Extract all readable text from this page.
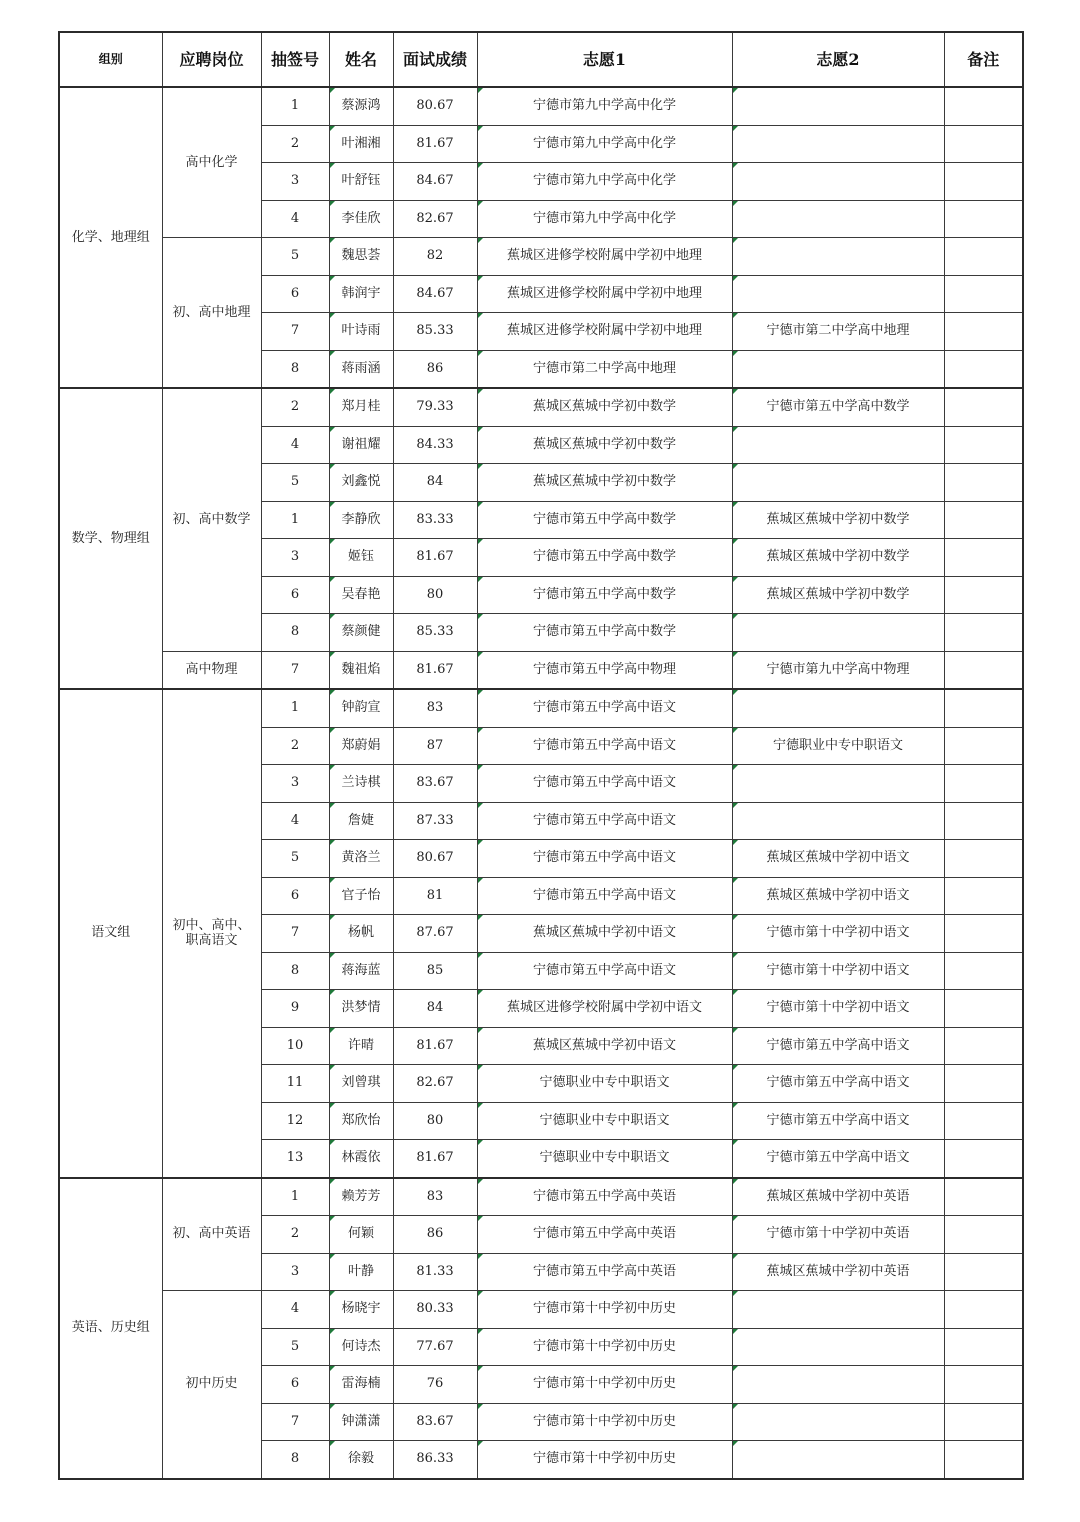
组别	应聘岗位	抽签号	姓名	面试成绩	志愿1	志愿2	备注
化学、地理组	高中化学	1	蔡源鸿	80.67	宁德市第九中学高中化学		
		2	叶湘湘	81.67	宁德市第九中学高中化学		
		3	叶舒钰	84.67	宁德市第九中学高中化学		
		4	李佳欣	82.67	宁德市第九中学高中化学		
	初、高中地理	5	魏思荟	82	蕉城区进修学校附属中学初中地理		
		6	韩润宇	84.67	蕉城区进修学校附属中学初中地理		
		7	叶诗雨	85.33	蕉城区进修学校附属中学初中地理	宁德市第二中学高中地理	
		8	蒋雨涵	86	宁德市第二中学高中地理		
数学、物理组	初、高中数学	2	郑月桂	79.33	蕉城区蕉城中学初中数学	宁德市第五中学高中数学	
		4	谢祖耀	84.33	蕉城区蕉城中学初中数学		
		5	刘鑫悦	84	蕉城区蕉城中学初中数学		
		1	李静欣	83.33	宁德市第五中学高中数学	蕉城区蕉城中学初中数学	
		3	姬钰	81.67	宁德市第五中学高中数学	蕉城区蕉城中学初中数学	
		6	吴春艳	80	宁德市第五中学高中数学	蕉城区蕉城中学初中数学	
		8	蔡颜健	85.33	宁德市第五中学高中数学		
	高中物理	7	魏祖焰	81.67	宁德市第五中学高中物理	宁德市第九中学高中物理	
语文组	初中、高中、职高语文	1	钟韵宣	83	宁德市第五中学高中语文		
		2	郑蔚娟	87	宁德市第五中学高中语文	宁德职业中专中职语文	
		3	兰诗棋	83.67	宁德市第五中学高中语文		
		4	詹婕	87.33	宁德市第五中学高中语文		
		5	黄洛兰	80.67	宁德市第五中学高中语文	蕉城区蕉城中学初中语文	
		6	官子怡	81	宁德市第五中学高中语文	蕉城区蕉城中学初中语文	
		7	杨帆	87.67	蕉城区蕉城中学初中语文	宁德市第十中学初中语文	
		8	蒋海蓝	85	宁德市第五中学高中语文	宁德市第十中学初中语文	
		9	洪梦情	84	蕉城区进修学校附属中学初中语文	宁德市第十中学初中语文	
		10	许晴	81.67	蕉城区蕉城中学初中语文	宁德市第五中学高中语文	
		11	刘曾琪	82.67	宁德职业中专中职语文	宁德市第五中学高中语文	
		12	郑欣怡	80	宁德职业中专中职语文	宁德市第五中学高中语文	
		13	林霞依	81.67	宁德职业中专中职语文	宁德市第五中学高中语文	
英语、历史组	初、高中英语	1	赖芳芳	83	宁德市第五中学高中英语	蕉城区蕉城中学初中英语	
		2	何颖	86	宁德市第五中学高中英语	宁德市第十中学初中英语	
		3	叶静	81.33	宁德市第五中学高中英语	蕉城区蕉城中学初中英语	
	初中历史	4	杨晓宇	80.33	宁德市第十中学初中历史		
		5	何诗杰	77.67	宁德市第十中学初中历史		
		6	雷海楠	76	宁德市第十中学初中历史		
		7	钟潇潇	83.67	宁德市第十中学初中历史		
		8	徐毅	86.33	宁德市第十中学初中历史		
